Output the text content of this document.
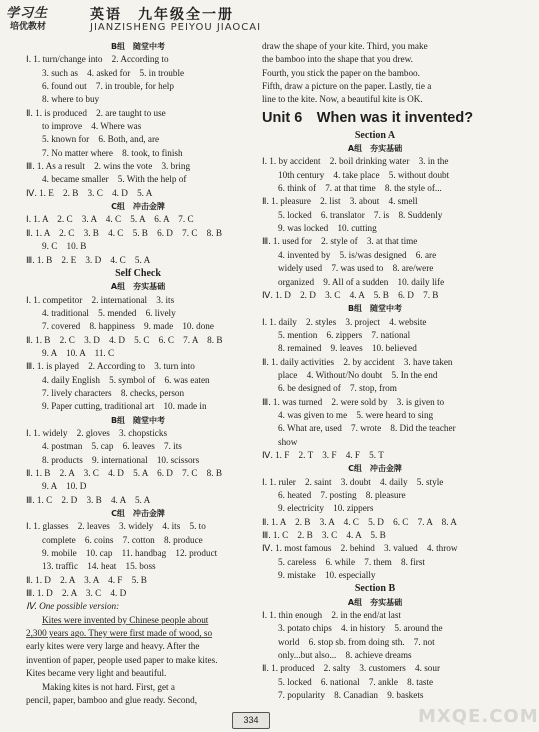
学习生
培优教材
英语　九年级全一册
JIANZISHENG PEIYOU JIAOCAI
B组　随堂中考
Ⅰ. 1. turn/change into　2. According to
3. such as　4. asked for　5. in trouble
6. found out　7. in trouble, for help
8. where to buy
Ⅱ. 1. is produced　2. are taught to use
to improve　4. Where was
5. known for　6. Both, and, are
7. No matter where　8. took, to finish
Ⅲ. 1. As a result　2. wins the vote　3. bring
4. became smaller　5. With the help of
Ⅳ. 1. E　2. B　3. C　4. D　5. A
C组　冲击金牌
Ⅰ. 1. A　2. C　3. A　4. C　5. A　6. A　7. C
Ⅱ. 1. A　2. C　3. B　4. C　5. B　6. D　7. C　8. B
9. C　10. B
Ⅲ. 1. B　2. E　3. D　4. C　5. A
Self Check
A组　夯实基础
Ⅰ. 1. competitor　2. international　3. its
4. traditional　5. mended　6. lively
7. covered　8. happiness　9. made　10. done
Ⅱ. 1. B　2. C　3. D　4. D　5. C　6. C　7. A　8. B
9. A　10. A　11. C
Ⅲ. 1. is played　2. According to　3. turn into
4. daily English　5. symbol of　6. was eaten
7. lively characters　8. checks, person
9. Paper cutting, traditional art　10. made in
B组　随堂中考
Ⅰ. 1. widely　2. gloves　3. chopsticks
4. postman　5. cap　6. leaves　7. its
8. products　9. international　10. scissors
Ⅱ. 1. B　2. A　3. C　4. D　5. A　6. D　7. C　8. B
9. A　10. D
Ⅲ. 1. C　2. D　3. B　4. A　5. A
C组　冲击金牌
Ⅰ. 1. glasses　2. leaves　3. widely　4. its　5. to
complete　6. coins　7. cotton　8. produce
9. mobile　10. cap　11. handbag　12. product
13. traffic　14. heat　15. boss
Ⅱ. 1. D　2. A　3. A　4. F　5. B
Ⅲ. 1. D　2. A　3. C　4. D
Ⅳ. One possible version:
Kites were invented by Chinese people about
2,300 years ago. They were first made of wood, so
early kites were very large and heavy. After the
invention of paper, people used paper to make kites.
Kites became very light and beautiful.
Making kites is not hard. First, get a
pencil, paper, bamboo and glue ready. Second,
draw the shape of your kite. Third, you make
the bamboo into the shape that you drew.
Fourth, you stick the paper on the bamboo.
Fifth, draw a picture on the paper. Lastly, tie a
line to the kite. Now, a beautiful kite is OK.
Unit 6　When was it invented?
Section A
A组　夯实基础
Ⅰ. 1. by accident　2. boil drinking water　3. in the
10th century　4. take place　5. without doubt
6. think of　7. at that time　8. the style of...
Ⅱ. 1. pleasure　2. list　3. about　4. smell
5. locked　6. translator　7. is　8. Suddenly
9. was locked　10. cutting
Ⅲ. 1. used for　2. style of　3. at that time
4. invented by　5. is/was designed　6. are
widely used　7. was used to　8. are/were
organized　9. All of a sudden　10. daily life
Ⅳ. 1. D　2. D　3. C　4. A　5. B　6. D　7. B
B组　随堂中考
Ⅰ. 1. daily　2. styles　3. project　4. website
5. mention　6. zippers　7. national
8. remained　9. leaves　10. believed
Ⅱ. 1. daily activities　2. by accident　3. have taken
place　4. Without/No doubt　5. In the end
6. be designed of　7. stop, from
Ⅲ. 1. was turned　2. were sold by　3. is given to
4. was given to me　5. were heard to sing
6. What are, used　7. wrote　8. Did the teacher
show
Ⅳ. 1. F　2. T　3. F　4. F　5. T
C组　冲击金牌
Ⅰ. 1. ruler　2. saint　3. doubt　4. daily　5. style
6. heated　7. posting　8. pleasure
9. electricity　10. zippers
Ⅱ. 1. A　2. B　3. A　4. C　5. D　6. C　7. A　8. A
Ⅲ. 1. C　2. B　3. C　4. A　5. B
Ⅳ. 1. most famous　2. behind　3. valued　4. throw
5. careless　6. while　7. them　8. first
9. mistake　10. especially
Section B
A组　夯实基础
Ⅰ. 1. thin enough　2. in the end/at last
3. potato chips　4. in history　5. around the
world　6. stop sb. from doing sth.　7. not
only...but also...　8. achieve dreams
Ⅱ. 1. produced　2. salty　3. customers　4. sour
5. locked　6. national　7. ankle　8. taste
7. popularity　8. Canadian　9. baskets
334	MXQE.COM
